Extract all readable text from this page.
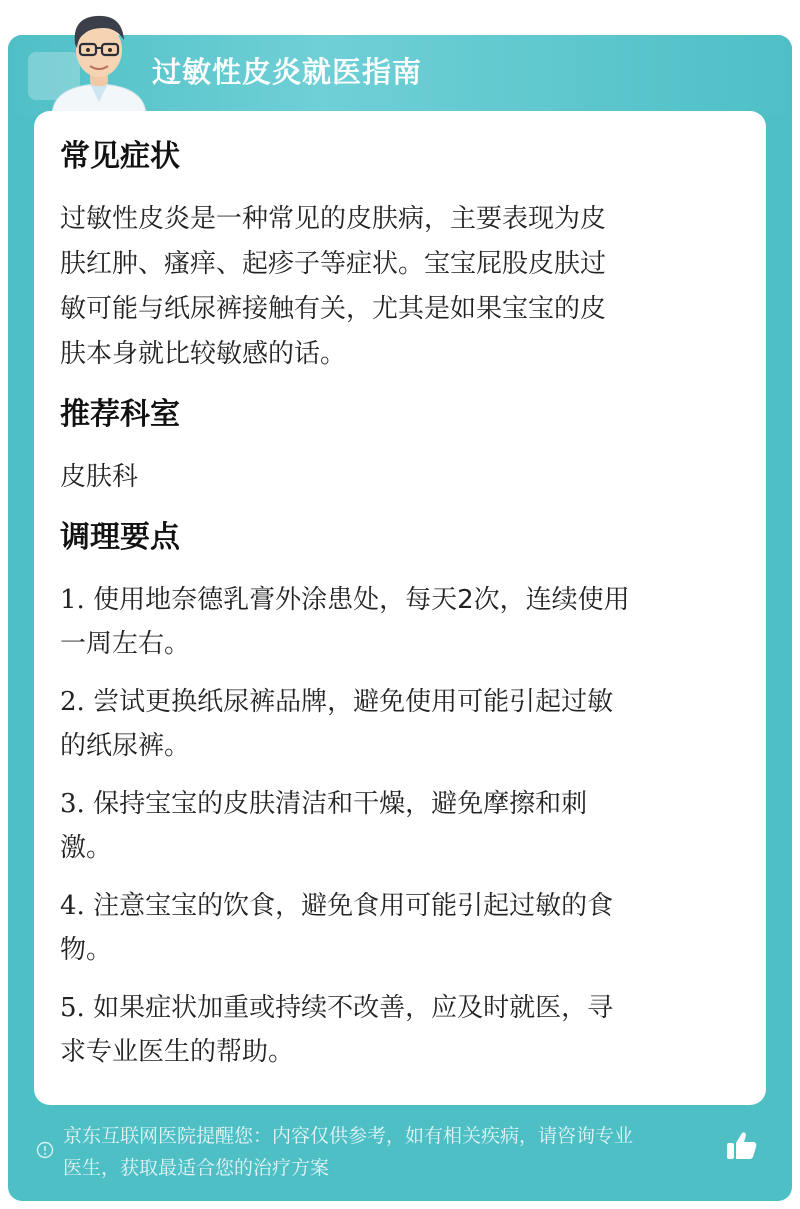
过敏性皮炎就医指南
常见症状

过敏性皮炎是一种常见的皮肤病，主要表现为皮

肤红肿、瘙痒、起疹子等症状。宝宝屁股皮肤过

敏可能与纸尿裤接触有关，尤其是如果宝宝的皮

肤本身就比较敏感的话。

推荐科室

皮肤科

调理要点

1. 使用地奈德乳膏外涂患处，每天2次，连续使用

一周左右。

2. 尝试更换纸尿裤品牌，避免使用可能引起过敏

的纸尿裤。

3. 保持宝宝的皮肤清洁和干燥，避免摩擦和刺

激。

4. 注意宝宝的饮食，避免食用可能引起过敏的食

物。

5. 如果症状加重或持续不改善，应及时就医，寻

求专业医生的帮助。

京东互联网医院提醒您：内容仅供参考，如有相关疾病，请咨询专业
医生，获取最适合您的治疗方案
